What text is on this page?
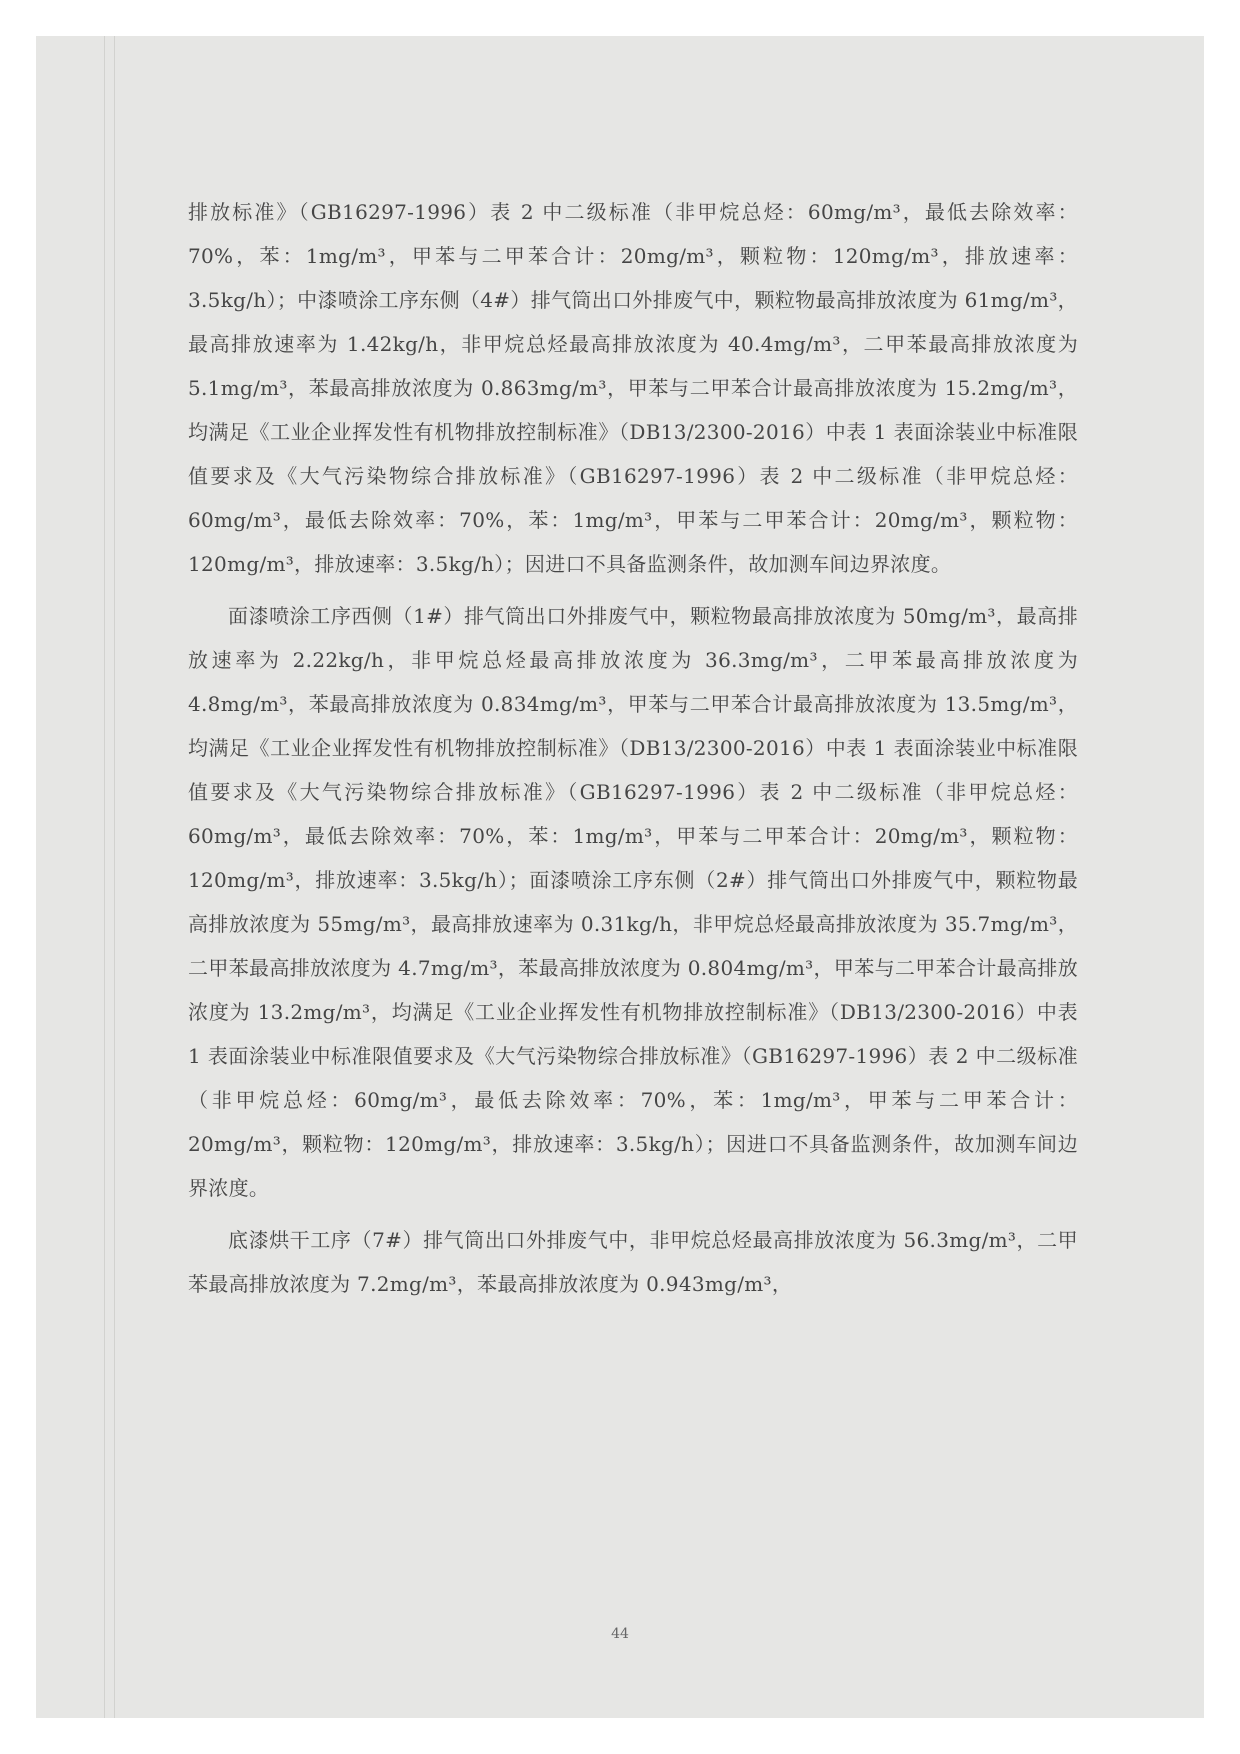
排放标准》（GB16297-1996）表 2 中二级标准（非甲烷总烃：60mg/m³，最低去除效率：70%，苯：1mg/m³，甲苯与二甲苯合计：20mg/m³，颗粒物：120mg/m³，排放速率：3.5kg/h）；中漆喷涂工序东侧（4#）排气筒出口外排废气中，颗粒物最高排放浓度为 61mg/m³，最高排放速率为 1.42kg/h，非甲烷总烃最高排放浓度为 40.4mg/m³，二甲苯最高排放浓度为 5.1mg/m³，苯最高排放浓度为 0.863mg/m³，甲苯与二甲苯合计最高排放浓度为 15.2mg/m³，均满足《工业企业挥发性有机物排放控制标准》（DB13/2300-2016）中表 1 表面涂装业中标准限值要求及《大气污染物综合排放标准》（GB16297-1996）表 2 中二级标准（非甲烷总烃：60mg/m³，最低去除效率：70%，苯：1mg/m³，甲苯与二甲苯合计：20mg/m³，颗粒物：120mg/m³，排放速率：3.5kg/h）；因进口不具备监测条件，故加测车间边界浓度。

面漆喷涂工序西侧（1#）排气筒出口外排废气中，颗粒物最高排放浓度为 50mg/m³，最高排放速率为 2.22kg/h，非甲烷总烃最高排放浓度为 36.3mg/m³，二甲苯最高排放浓度为 4.8mg/m³，苯最高排放浓度为 0.834mg/m³，甲苯与二甲苯合计最高排放浓度为 13.5mg/m³，均满足《工业企业挥发性有机物排放控制标准》（DB13/2300-2016）中表 1 表面涂装业中标准限值要求及《大气污染物综合排放标准》（GB16297-1996）表 2 中二级标准（非甲烷总烃：60mg/m³，最低去除效率：70%，苯：1mg/m³，甲苯与二甲苯合计：20mg/m³，颗粒物：120mg/m³，排放速率：3.5kg/h）；面漆喷涂工序东侧（2#）排气筒出口外排废气中，颗粒物最高排放浓度为 55mg/m³，最高排放速率为 0.31kg/h，非甲烷总烃最高排放浓度为 35.7mg/m³，二甲苯最高排放浓度为 4.7mg/m³，苯最高排放浓度为 0.804mg/m³，甲苯与二甲苯合计最高排放浓度为 13.2mg/m³，均满足《工业企业挥发性有机物排放控制标准》（DB13/2300-2016）中表 1 表面涂装业中标准限值要求及《大气污染物综合排放标准》（GB16297-1996）表 2 中二级标准（非甲烷总烃：60mg/m³，最低去除效率：70%，苯：1mg/m³，甲苯与二甲苯合计：20mg/m³，颗粒物：120mg/m³，排放速率：3.5kg/h）；因进口不具备监测条件，故加测车间边界浓度。

底漆烘干工序（7#）排气筒出口外排废气中，非甲烷总烃最高排放浓度为 56.3mg/m³，二甲苯最高排放浓度为 7.2mg/m³，苯最高排放浓度为 0.943mg/m³，

44
